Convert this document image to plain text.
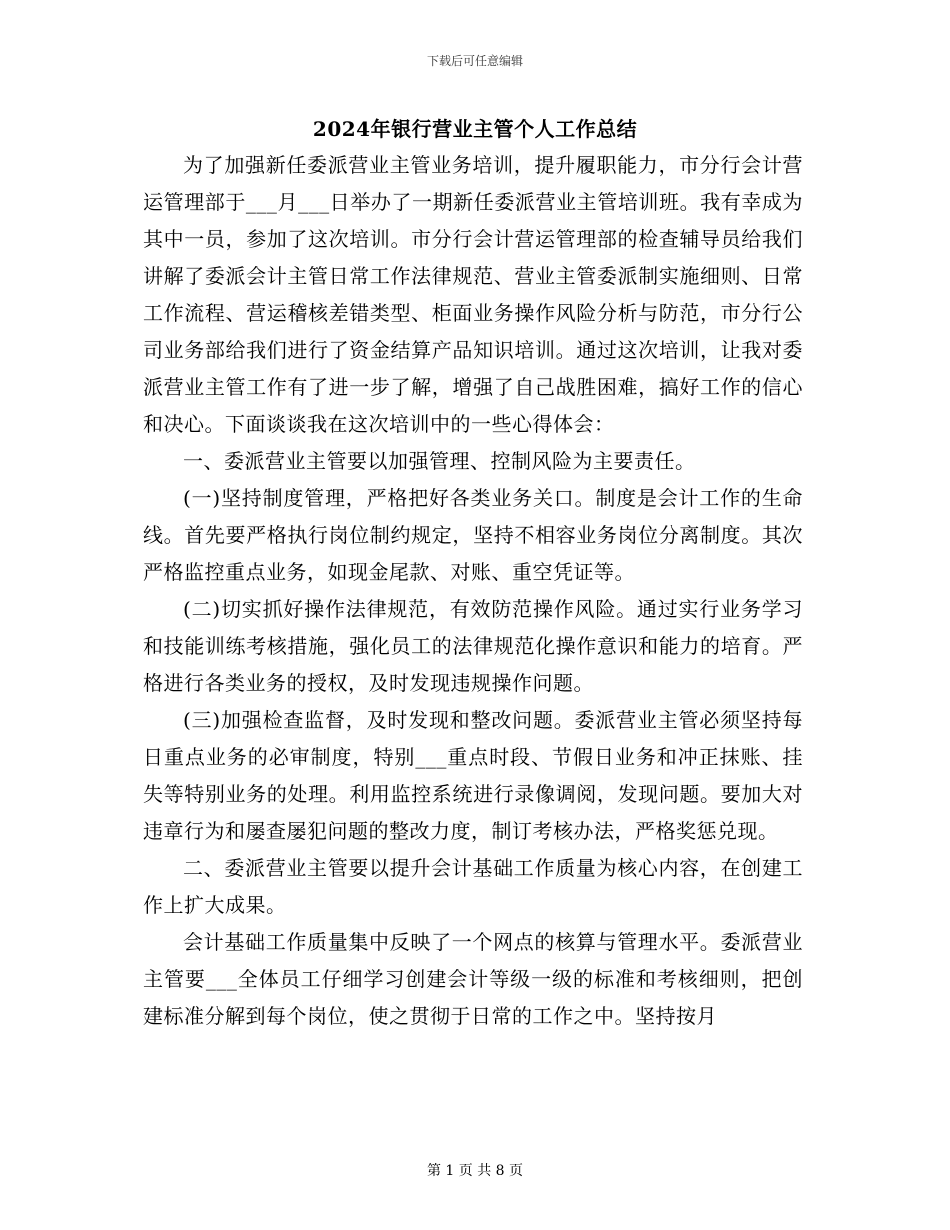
下载后可任意编辑
2024年银行营业主管个人工作总结

为了加强新任委派营业主管业务培训，提升履职能力，市分行会计营运管理部于___月___日举办了一期新任委派营业主管培训班。我有幸成为其中一员，参加了这次培训。市分行会计营运管理部的检查辅导员给我们讲解了委派会计主管日常工作法律规范、营业主管委派制实施细则、日常工作流程、营运稽核差错类型、柜面业务操作风险分析与防范，市分行公司业务部给我们进行了资金结算产品知识培训。通过这次培训，让我对委派营业主管工作有了进一步了解，增强了自己战胜困难，搞好工作的信心和决心。下面谈谈我在这次培训中的一些心得体会：

一、委派营业主管要以加强管理、控制风险为主要责任。

(一)坚持制度管理，严格把好各类业务关口。制度是会计工作的生命线。首先要严格执行岗位制约规定，坚持不相容业务岗位分离制度。其次严格监控重点业务，如现金尾款、对账、重空凭证等。

(二)切实抓好操作法律规范，有效防范操作风险。通过实行业务学习和技能训练考核措施，强化员工的法律规范化操作意识和能力的培育。严格进行各类业务的授权，及时发现违规操作问题。

(三)加强检查监督，及时发现和整改问题。委派营业主管必须坚持每日重点业务的必审制度，特别___重点时段、节假日业务和冲正抹账、挂失等特别业务的处理。利用监控系统进行录像调阅，发现问题。要加大对违章行为和屡查屡犯问题的整改力度，制订考核办法，严格奖惩兑现。

二、委派营业主管要以提升会计基础工作质量为核心内容，在创建工作上扩大成果。

会计基础工作质量集中反映了一个网点的核算与管理水平。委派营业主管要___全体员工仔细学习创建会计等级一级的标准和考核细则，把创建标准分解到每个岗位，使之贯彻于日常的工作之中。坚持按月

第 1 页 共 8 页
